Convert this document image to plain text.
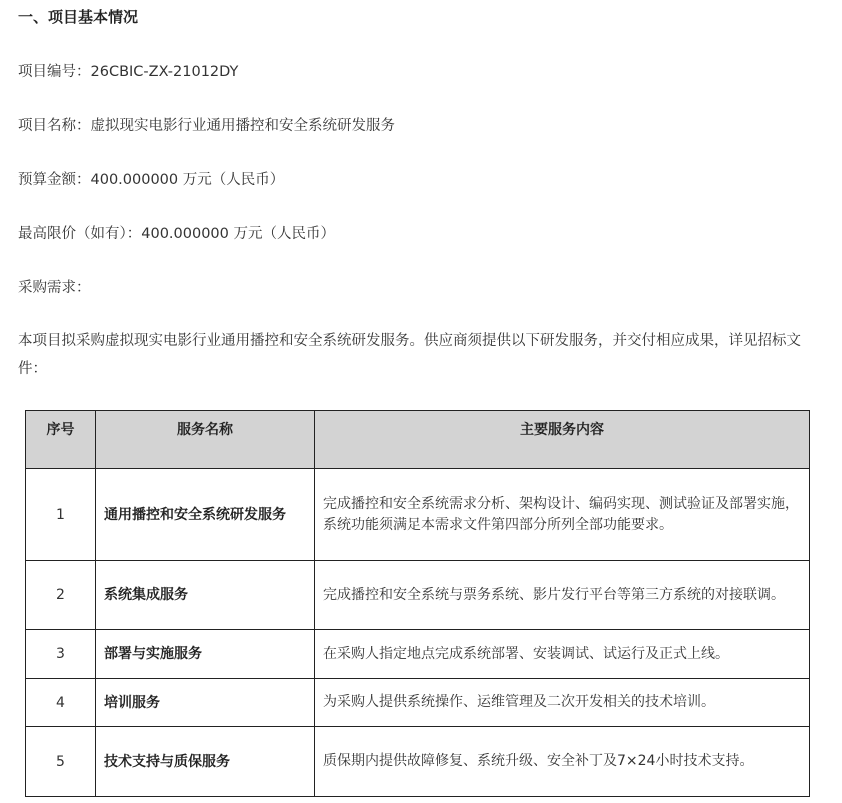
一、项目基本情况
项目编号：26CBIC-ZX-21012DY
项目名称：虚拟现实电影行业通用播控和安全系统研发服务
预算金额：400.000000 万元（人民币）
最高限价（如有）：400.000000 万元（人民币）
采购需求：
本项目拟采购虚拟现实电影行业通用播控和安全系统研发服务。供应商须提供以下研发服务，并交付相应成果，详见招标文件：
序号	服务名称	主要服务内容
1	通用播控和安全系统研发服务	完成播控和安全系统需求分析、架构设计、编码实现、测试验证及部署实施，系统功能须满足本需求文件第四部分所列全部功能要求。
2	系统集成服务	完成播控和安全系统与票务系统、影片发行平台等第三方系统的对接联调。
3	部署与实施服务	在采购人指定地点完成系统部署、安装调试、试运行及正式上线。
4	培训服务	为采购人提供系统操作、运维管理及二次开发相关的技术培训。
5	技术支持与质保服务	质保期内提供故障修复、系统升级、安全补丁及7×24小时技术支持。
